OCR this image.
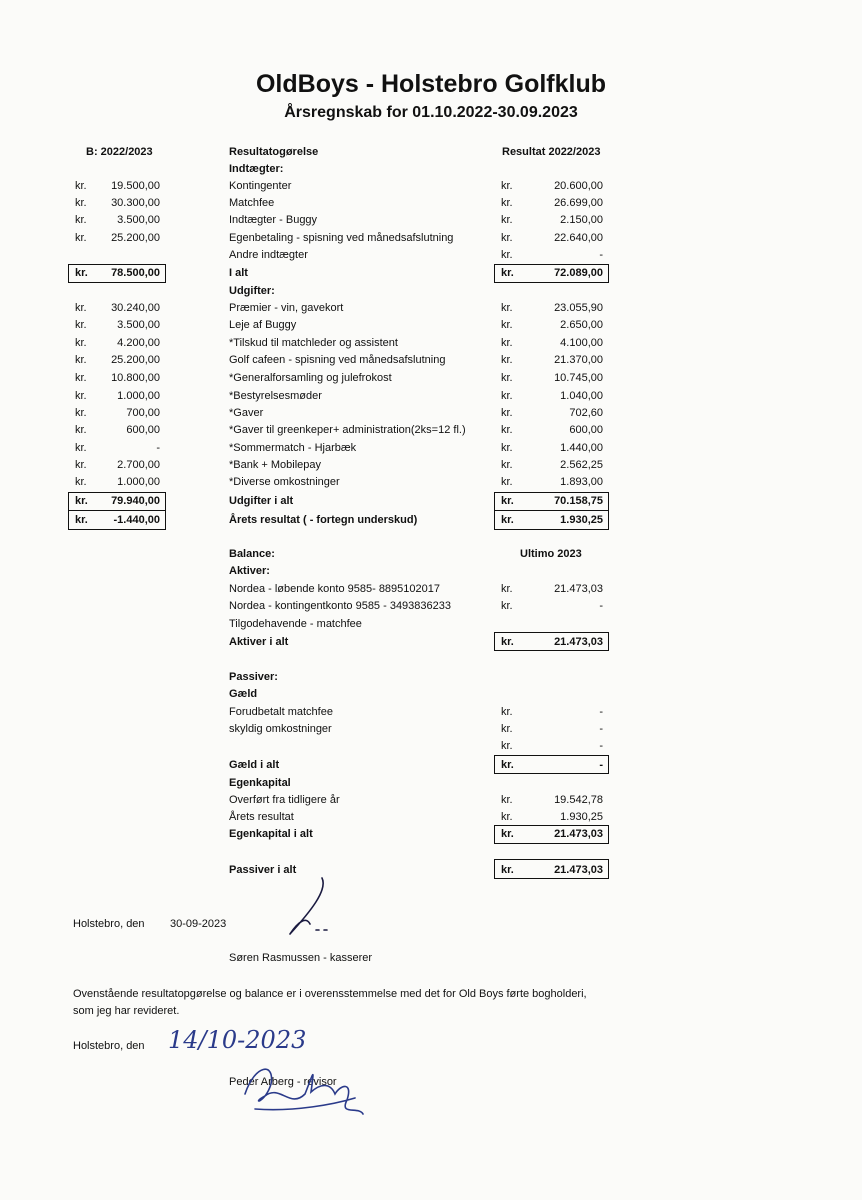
OldBoys - Holstebro Golfklub
Årsregnskab for 01.10.2022-30.09.2023
B: 2022/2023	Resultatogørelse	Resultat 2022/2023
Indtægter:
kr.	19.500,00	Kontingenter	kr.	20.600,00
kr.	30.300,00	Matchfee	kr.	26.699,00
kr.	3.500,00	Indtægter - Buggy	kr.	2.150,00
kr.	25.200,00	Egenbetaling - spisning ved månedsafslutning	kr.	22.640,00
Andre indtægter	kr.	-
kr.	78.500,00	I alt	kr.	72.089,00
Udgifter:
kr.	30.240,00	Præmier - vin, gavekort	kr.	23.055,90
kr.	3.500,00	Leje af Buggy	kr.	2.650,00
kr.	4.200,00	*Tilskud til matchleder og assistent	kr.	4.100,00
kr.	25.200,00	Golf cafeen - spisning ved månedsafslutning	kr.	21.370,00
kr.	10.800,00	*Generalforsamling og julefrokost	kr.	10.745,00
kr.	1.000,00	*Bestyrelsesmøder	kr.	1.040,00
kr.	700,00	*Gaver	kr.	702,60
kr.	600,00	*Gaver til greenkeper+ administration(2ks=12 fl.)	kr.	600,00
kr.	-	*Sommermatch - Hjarbæk	kr.	1.440,00
kr.	2.700,00	*Bank + Mobilepay	kr.	2.562,25
kr.	1.000,00	*Diverse omkostninger	kr.	1.893,00
kr.	79.940,00	Udgifter i alt	kr.	70.158,75
kr.	-1.440,00	Årets resultat ( - fortegn underskud)	kr.	1.930,25
Balance:	Ultimo 2023
Aktiver:
Nordea - løbende konto 9585- 8895102017	kr.	21.473,03
Nordea - kontingentkonto 9585 - 3493836233	kr.	-
Tilgodehavende - matchfee
Aktiver i alt	kr.	21.473,03
Passiver:
Gæld
Forudbetalt matchfee	kr.	-
skyldig omkostninger	kr.	-
kr.	-
Gæld i alt	kr.	-
Egenkapital
Overført fra tidligere år	kr.	19.542,78
Årets resultat	kr.	1.930,25
Egenkapital i alt	kr.	21.473,03
Passiver i alt	kr.	21.473,03
Holstebro, den 30-09-2023
Søren Rasmussen - kasserer
Ovenstående resultatopgørelse og balance er i overensstemmelse med det for Old Boys førte bogholderi,
som jeg har revideret.
Holstebro, den 14/10-2023
Peder Arberg - revisor
